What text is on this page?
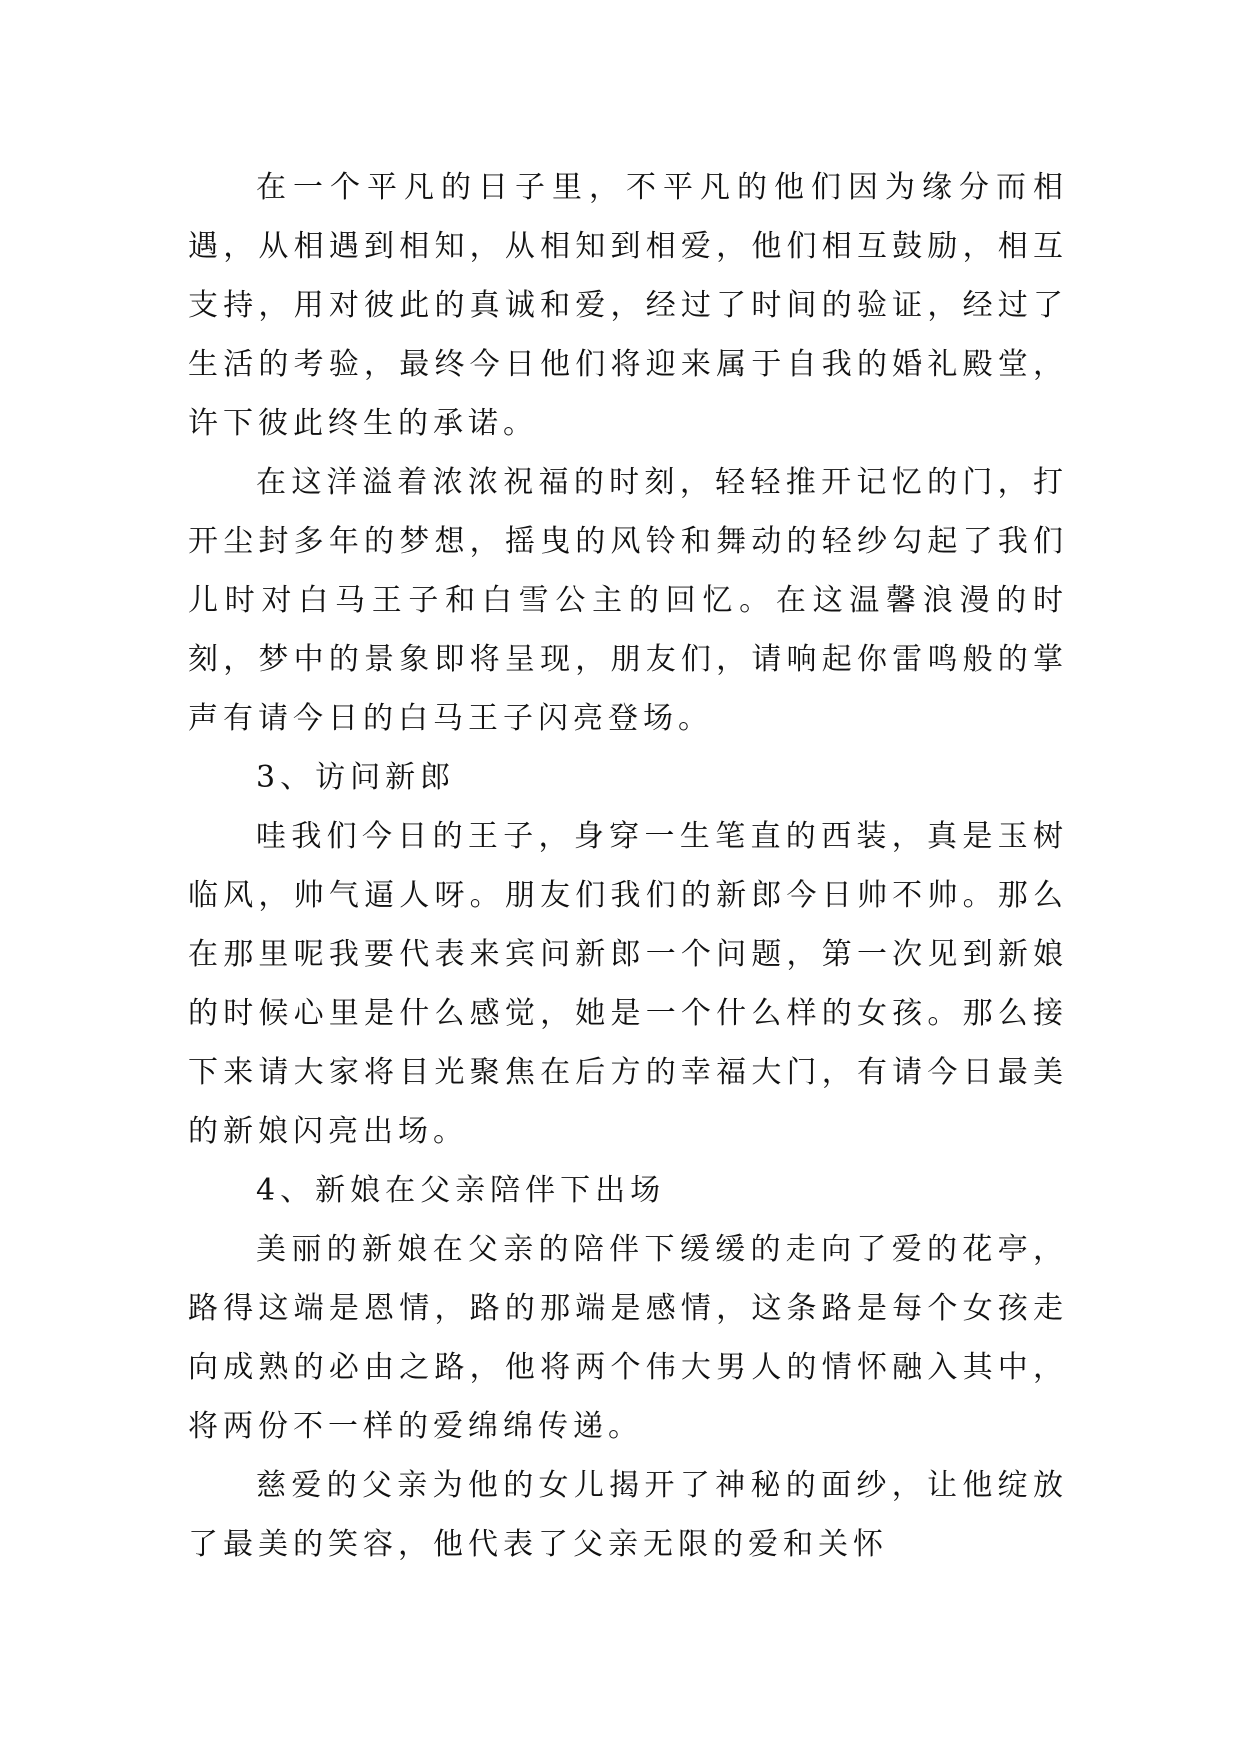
在一个平凡的日子里，不平凡的他们因为缘分而相遇，从相遇到相知，从相知到相爱，他们相互鼓励，相互支持，用对彼此的真诚和爱，经过了时间的验证，经过了生活的考验，最终今日他们将迎来属于自我的婚礼殿堂，许下彼此终生的承诺。

在这洋溢着浓浓祝福的时刻，轻轻推开记忆的门，打开尘封多年的梦想，摇曳的风铃和舞动的轻纱勾起了我们儿时对白马王子和白雪公主的回忆。在这温馨浪漫的时刻，梦中的景象即将呈现，朋友们，请响起你雷鸣般的掌声有请今日的白马王子闪亮登场。

3、访问新郎

哇我们今日的王子，身穿一生笔直的西装，真是玉树临风，帅气逼人呀。朋友们我们的新郎今日帅不帅。那么在那里呢我要代表来宾问新郎一个问题，第一次见到新娘的时候心里是什么感觉，她是一个什么样的女孩。那么接下来请大家将目光聚焦在后方的幸福大门，有请今日最美的新娘闪亮出场。

4、新娘在父亲陪伴下出场

美丽的新娘在父亲的陪伴下缓缓的走向了爱的花亭，路得这端是恩情，路的那端是感情，这条路是每个女孩走向成熟的必由之路，他将两个伟大男人的情怀融入其中，将两份不一样的爱绵绵传递。

慈爱的父亲为他的女儿揭开了神秘的面纱，让他绽放了最美的笑容，他代表了父亲无限的爱和关怀
